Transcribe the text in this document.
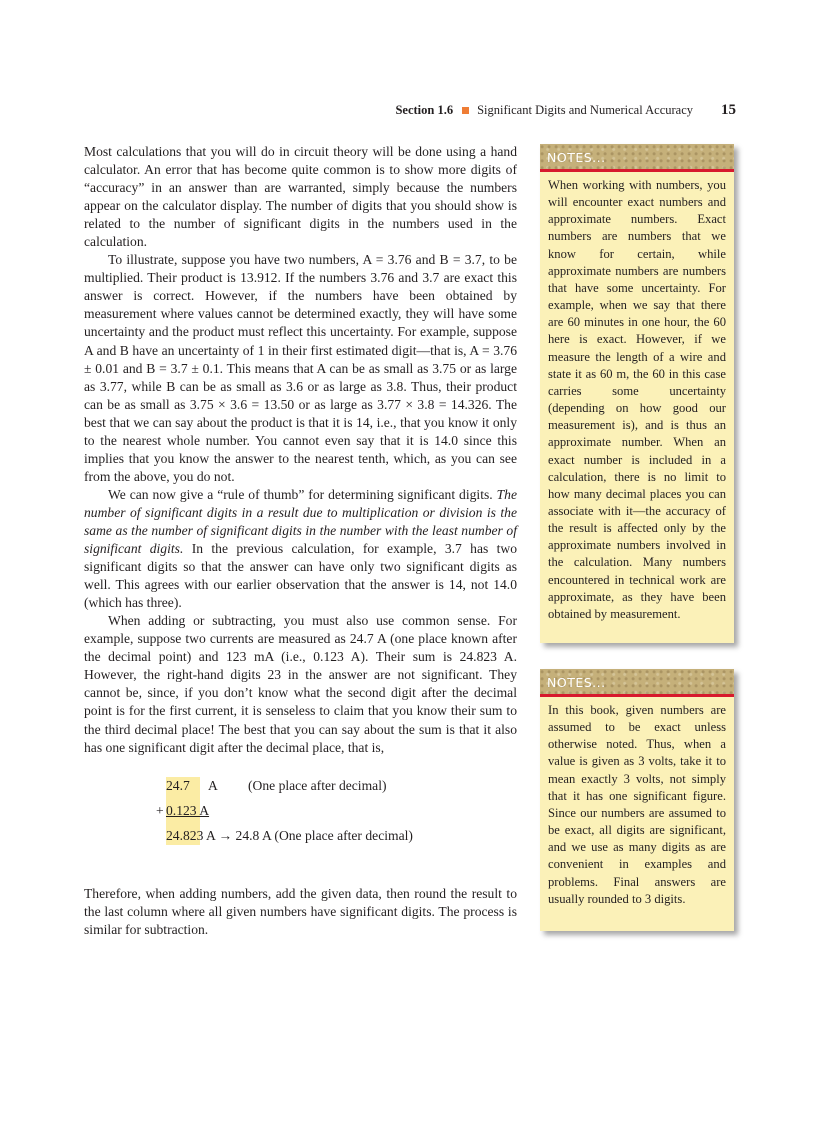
Section 1.6 Significant Digits and Numerical Accuracy 15

Most calculations that you will do in circuit theory will be done using a hand calculator. An error that has become quite common is to show more digits of “accuracy” in an answer than are warranted, simply because the numbers appear on the calculator display. The number of digits that you should show is related to the number of significant digits in the numbers used in the calculation.

To illustrate, suppose you have two numbers, A = 3.76 and B = 3.7, to be multiplied. Their product is 13.912. If the numbers 3.76 and 3.7 are exact this answer is correct. However, if the numbers have been obtained by measurement where values cannot be determined exactly, they will have some uncertainty and the product must reflect this uncertainty. For example, suppose A and B have an uncertainty of 1 in their first estimated digit—that is, A = 3.76 ± 0.01 and B = 3.7 ± 0.1. This means that A can be as small as 3.75 or as large as 3.77, while B can be as small as 3.6 or as large as 3.8. Thus, their product can be as small as 3.75 × 3.6 = 13.50 or as large as 3.77 × 3.8 = 14.326. The best that we can say about the product is that it is 14, i.e., that you know it only to the nearest whole number. You cannot even say that it is 14.0 since this implies that you know the answer to the nearest tenth, which, as you can see from the above, you do not.

We can now give a “rule of thumb” for determining significant digits. The number of significant digits in a result due to multiplication or division is the same as the number of significant digits in the number with the least number of significant digits. In the previous calculation, for example, 3.7 has two significant digits so that the answer can have only two significant digits as well. This agrees with our earlier observation that the answer is 14, not 14.0 (which has three).

When adding or subtracting, you must also use common sense. For example, suppose two currents are measured as 24.7 A (one place known after the decimal point) and 123 mA (i.e., 0.123 A). Their sum is 24.823 A. However, the right-hand digits 23 in the answer are not significant. They cannot be, since, if you don’t know what the second digit after the decimal point is for the first current, it is senseless to claim that you know their sum to the third decimal place! The best that you can say about the sum is that it also has one significant digit after the decimal place, that is,

24.7 A (One place after decimal)
+ 0.123 A
24.823 A → 24.8 A (One place after decimal)

Therefore, when adding numbers, add the given data, then round the result to the last column where all given numbers have significant digits. The process is similar for subtraction.

NOTES...
When working with numbers, you will encounter exact numbers and approximate numbers. Exact numbers are numbers that we know for certain, while approximate numbers are numbers that have some uncertainty. For example, when we say that there are 60 minutes in one hour, the 60 here is exact. However, if we measure the length of a wire and state it as 60 m, the 60 in this case carries some uncertainty (depending on how good our measurement is), and is thus an approximate number. When an exact number is included in a calculation, there is no limit to how many decimal places you can associate with it—the accuracy of the result is affected only by the approximate numbers involved in the calculation. Many numbers encountered in technical work are approximate, as they have been obtained by measurement.
NOTES...
In this book, given numbers are assumed to be exact unless otherwise noted. Thus, when a value is given as 3 volts, take it to mean exactly 3 volts, not simply that it has one significant figure. Since our numbers are assumed to be exact, all digits are significant, and we use as many digits as are convenient in examples and problems. Final answers are usually rounded to 3 digits.
